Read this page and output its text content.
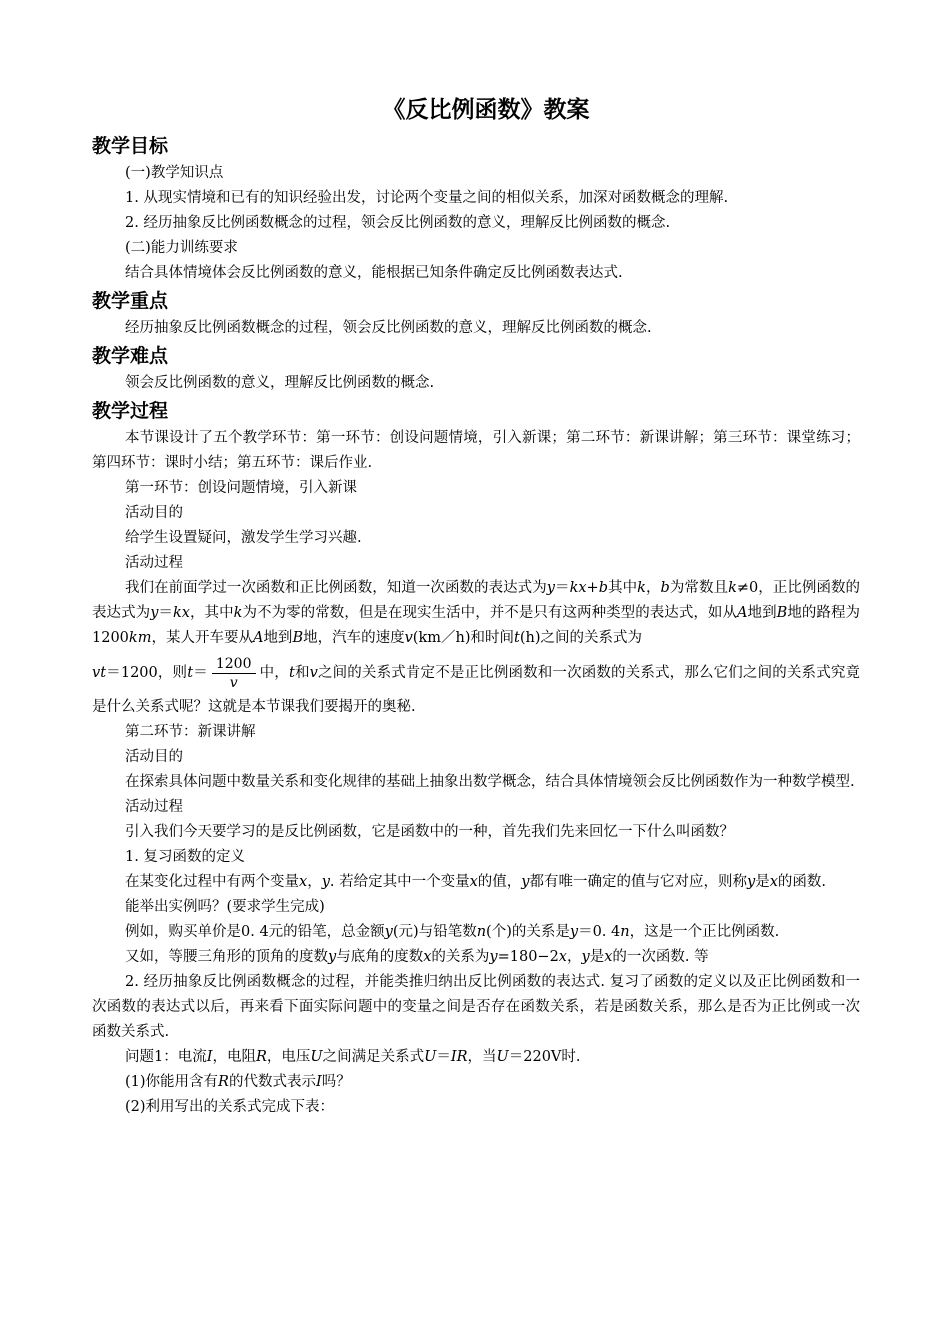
《反比例函数》教案
教学目标

(一)教学知识点

1. 从现实情境和已有的知识经验出发，讨论两个变量之间的相似关系，加深对函数概念的理解.

2. 经历抽象反比例函数概念的过程，领会反比例函数的意义，理解反比例函数的概念.

(二)能力训练要求

结合具体情境体会反比例函数的意义，能根据已知条件确定反比例函数表达式.

教学重点

经历抽象反比例函数概念的过程，领会反比例函数的意义，理解反比例函数的概念.

教学难点

领会反比例函数的意义，理解反比例函数的概念.

教学过程

本节课设计了五个教学环节：第一环节：创设问题情境，引入新课；第二环节：新课讲解；第三环节：课堂练习；第四环节：课时小结；第五环节：课后作业.

第一环节：创设问题情境，引入新课

活动目的

给学生设置疑问，激发学生学习兴趣.

活动过程

我们在前面学过一次函数和正比例函数，知道一次函数的表达式为y＝kx+b其中k，b为常数且k≠0，正比例函数的表达式为y＝kx，其中k为不为零的常数，但是在现实生活中，并不是只有这两种类型的表达式，如从A地到B地的路程为1200km，某人开车要从A地到B地，汽车的速度v(km／h)和时间t(h)之间的关系式为

vt＝1200，则$t= \frac{1200}{v}$ 中，t和v之间的关系式肯定不是正比例函数和一次函数的关系式，那么它们之间的关系式究竟是什么关系式呢？这就是本节课我们要揭开的奥秘.

第二环节：新课讲解

活动目的

在探索具体问题中数量关系和变化规律的基础上抽象出数学概念，结合具体情境领会反比例函数作为一种数学模型.

活动过程

引入我们今天要学习的是反比例函数，它是函数中的一种，首先我们先来回忆一下什么叫函数？

1. 复习函数的定义

在某变化过程中有两个变量x，y. 若给定其中一个变量x的值，y都有唯一确定的值与它对应，则称y是x的函数.

能举出实例吗？(要求学生完成)

例如，购买单价是0. 4元的铅笔，总金额y(元)与铅笔数n(个)的关系是y＝0. 4n，这是一个正比例函数.

又如，等腰三角形的顶角的度数y与底角的度数x的关系为y=180−2x，y是x的一次函数. 等

2. 经历抽象反比例函数概念的过程，并能类推归纳出反比例函数的表达式. 复习了函数的定义以及正比例函数和一次函数的表达式以后，再来看下面实际问题中的变量之间是否存在函数关系，若是函数关系，那么是否为正比例或一次函数关系式.

问题1：电流I，电阻R，电压U之间满足关系式U＝IR，当U＝220V时.

(1)你能用含有R的代数式表示I吗？

(2)利用写出的关系式完成下表：
